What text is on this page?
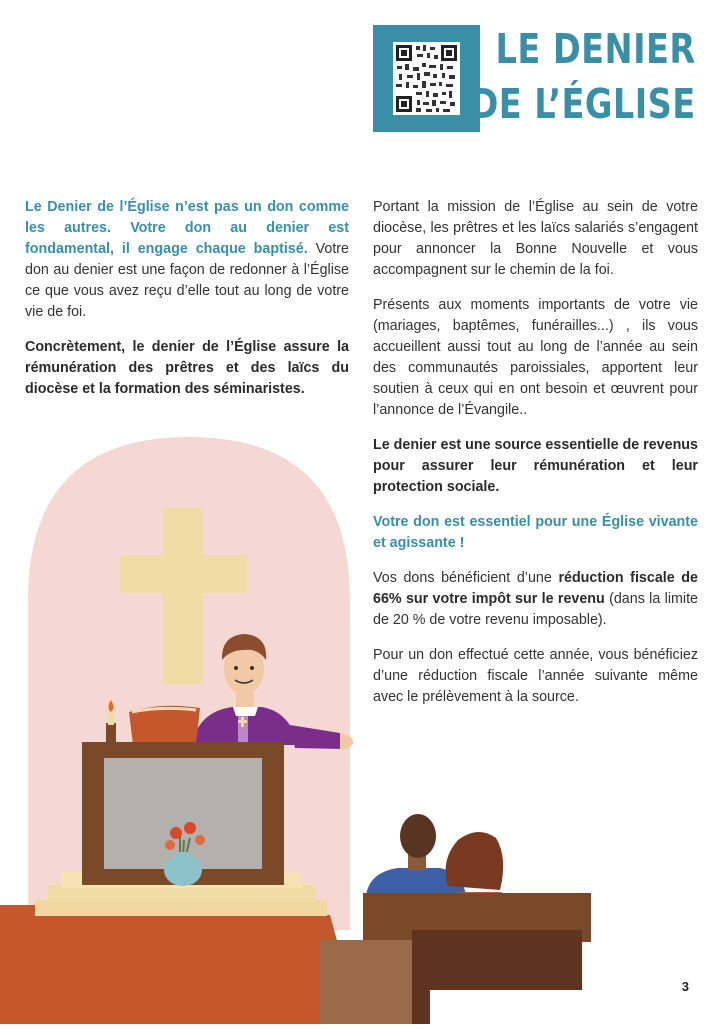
LE DENIER
DE L’ÉGLISE

Le Denier de l’Église n’est pas un don comme les autres. Votre don au denier est fondamental, il engage chaque baptisé. Votre don au denier est une façon de redonner à l’Église ce que vous avez reçu d’elle tout au long de votre vie de foi.

Concrètement, le denier de l’Église assure la rémunération des prêtres et des laïcs du diocèse et la formation des séminaristes.

Portant la mission de l’Église au sein de votre diocèse, les prêtres et les laïcs salariés s’engagent pour annoncer la Bonne Nouvelle et vous accompagnent sur le chemin de la foi.

Présents aux moments importants de votre vie (mariages, baptêmes, funérailles...) , ils vous accueillent aussi tout au long de l’année au sein des communautés paroissiales, apportent leur soutien à ceux qui en ont besoin et œuvrent pour l’annonce de l’Évangile..

Le denier est une source essentielle de revenus pour assurer leur rémunération et leur protection sociale.

Votre don est essentiel pour une Église vivante et agissante !

Vos dons bénéficient d’une réduction fiscale de 66% sur votre impôt sur le revenu (dans la limite de 20 % de votre revenu imposable).

Pour un don effectué cette année, vous bénéficiez d’une réduction fiscale l’année suivante même avec le prélèvement à la source.

3
